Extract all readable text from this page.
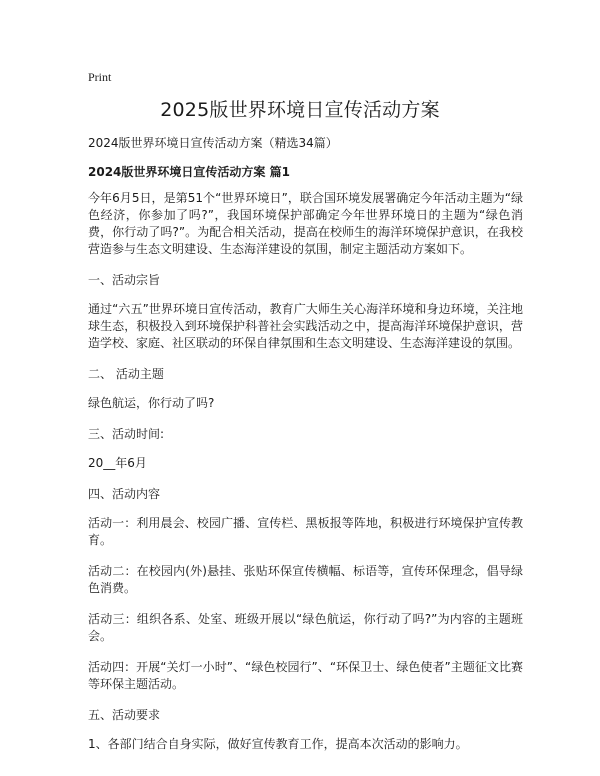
Print
2025版世界环境日宣传活动方案

2024版世界环境日宣传活动方案（精选34篇）

2024版世界环境日宣传活动方案 篇1

今年6月5日，是第51个“世界环境日”，联合国环境发展署确定今年活动主题为“绿色经济，你参加了吗?”，我国环境保护部确定今年世界环境日的主题为“绿色消费，你行动了吗?”。为配合相关活动，提高在校师生的海洋环境保护意识，在我校营造参与生态文明建设、生态海洋建设的氛围，制定主题活动方案如下。

一、活动宗旨

通过“六五”世界环境日宣传活动，教育广大师生关心海洋环境和身边环境，关注地球生态，积极投入到环境保护科普社会实践活动之中，提高海洋环境保护意识，营造学校、家庭、社区联动的环保自律氛围和生态文明建设、生态海洋建设的氛围。

二、 活动主题

绿色航运，你行动了吗?

三、活动时间:

20__年6月

四、活动内容

活动一：利用晨会、校园广播、宣传栏、黑板报等阵地，积极进行环境保护宣传教育。

活动二：在校园内(外)悬挂、张贴环保宣传横幅、标语等，宣传环保理念，倡导绿色消费。

活动三：组织各系、处室、班级开展以“绿色航运，你行动了吗?”为内容的主题班会。

活动四：开展“关灯一小时”、“绿色校园行”、“环保卫士、绿色使者”主题征文比赛等环保主题活动。

五、活动要求

1、各部门结合自身实际，做好宣传教育工作，提高本次活动的影响力。
